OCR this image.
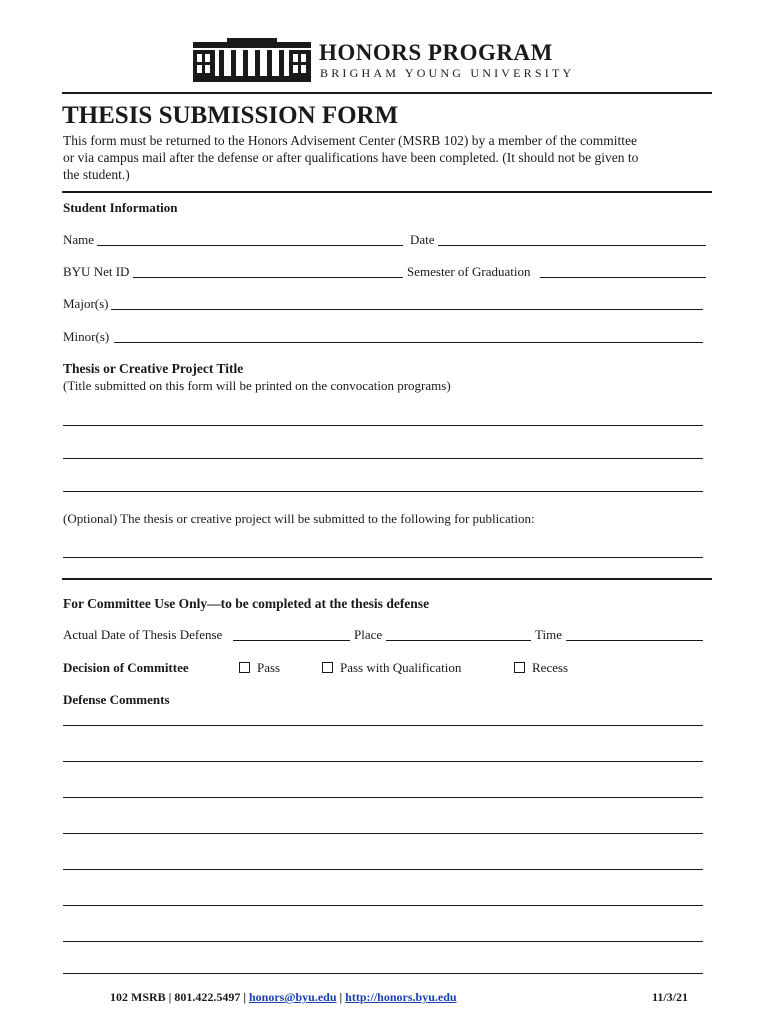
HONORS PROGRAM
BRIGHAM YOUNG UNIVERSITY
THESIS SUBMISSION FORM
This form must be returned to the Honors Advisement Center (MSRB 102) by a member of the committee
or via campus mail after the defense or after qualifications have been completed. (It should not be given to
the student.)
Student Information
Name	Date
BYU Net ID	Semester of Graduation
Major(s)
Minor(s)
Thesis or Creative Project Title
(Title submitted on this form will be printed on the convocation programs)
(Optional) The thesis or creative project will be submitted to the following for publication:
For Committee Use Only—to be completed at the thesis defense
Actual Date of Thesis Defense	Place	Time
Decision of Committee	Pass	Pass with Qualification	Recess
Defense Comments
102 MSRB | 801.422.5497 | honors@byu.edu | http://honors.byu.edu	11/3/21
